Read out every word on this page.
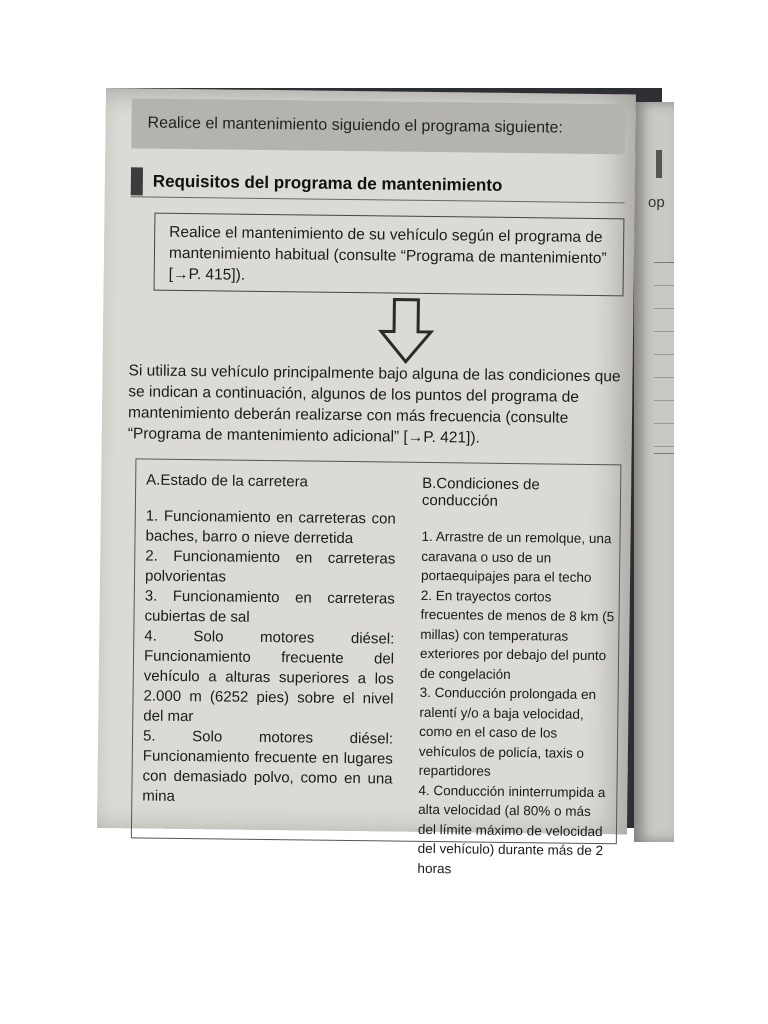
op
Realice el mantenimiento siguiendo el programa siguiente:
Requisitos del programa de mantenimiento
Realice el mantenimiento de su vehículo según el programa de mantenimiento habitual (consulte “Programa de mantenimiento” [→P. 415]).
Si utiliza su vehículo principalmente bajo alguna de las condiciones que se indican a continuación, algunos de los puntos del programa de mantenimiento deberán realizarse con más frecuencia (consulte “Programa de mantenimiento adicional” [→P. 421]).
A.Estado de la carretera
1. Funcionamiento en carreteras con baches, barro o nieve derretida
2. Funcionamiento en carreteras polvorientas
3. Funcionamiento en carreteras cubiertas de sal
4. Solo motores diésel: Funcionamiento frecuente del vehículo a alturas superiores a los 2.000 m (6252 pies) sobre el nivel del mar
5. Solo motores diésel: Funcionamiento frecuente en lugares con demasiado polvo, como en una mina
B.Condiciones de conducción
1. Arrastre de un remolque, una caravana o uso de un portaequipajes para el techo
2. En trayectos cortos frecuentes de menos de 8 km (5 millas) con temperaturas exteriores por debajo del punto de congelación
3. Conducción prolongada en ralentí y/o a baja velocidad, como en el caso de los vehículos de policía, taxis o repartidores
4. Conducción ininterrumpida a alta velocidad (al 80% o más del límite máximo de velocidad del vehículo) durante más de 2 horas
